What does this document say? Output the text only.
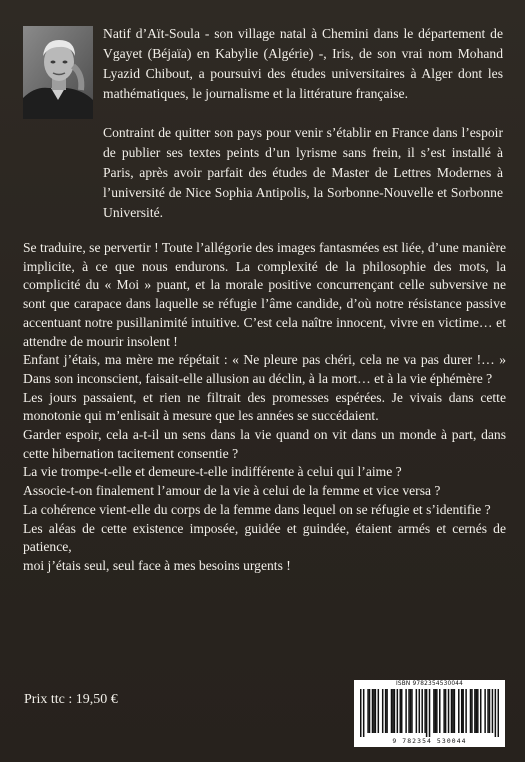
Natif d’Aït-Soula - son village natal à Chemini dans le département de Vgayet (Béjaïa) en Kabylie (Algérie) -, Iris, de son vrai nom Mohand Lyazid Chibout, a poursuivi des études universitaires à Alger dont les mathématiques, le journalisme et la littérature française.

Contraint de quitter son pays pour venir s’établir en France dans l’espoir de publier ses textes peints d’un lyrisme sans frein, il s’est installé à Paris, après avoir parfait des études de Master de Lettres Modernes à l’université de Nice Sophia Antipolis, la Sorbonne-Nouvelle et Sorbonne Université.

Se traduire, se pervertir ! Toute l’allégorie des images fantasmées est liée, d’une manière implicite, à ce que nous endurons. La complexité de la philosophie des mots, la complicité du « Moi » puant, et la morale positive concurrençant celle subversive ne sont que carapace dans laquelle se réfugie l’âme candide, d’où notre résistance passive accentuant notre pusillanimité intuitive. C’est cela naître innocent, vivre en victime… et attendre de mourir insolent !

Enfant j’étais, ma mère me répétait : « Ne pleure pas chéri, cela ne va pas durer !… » Dans son inconscient, faisait-elle allusion au déclin, à la mort… et à la vie éphémère ?

Les jours passaient, et rien ne filtrait des promesses espérées. Je vivais dans cette monotonie qui m’enlisait à mesure que les années se succédaient.

Garder espoir, cela a-t-il un sens dans la vie quand on vit dans un monde à part, dans cette hibernation tacitement consentie ?

La vie trompe-t-elle et demeure-t-elle indifférente à celui qui l’aime ?

Associe-t-on finalement l’amour de la vie à celui de la femme et vice versa ?

La cohérence vient-elle du corps de la femme dans lequel on se réfugie et s’identifie ?

Les aléas de cette existence imposée, guidée et guindée, étaient armés et cernés de patience,

moi j’étais seul, seul face à mes besoins urgents !

Prix ttc : 19,50 €
ISBN 9782354530044
9 782354 530044
